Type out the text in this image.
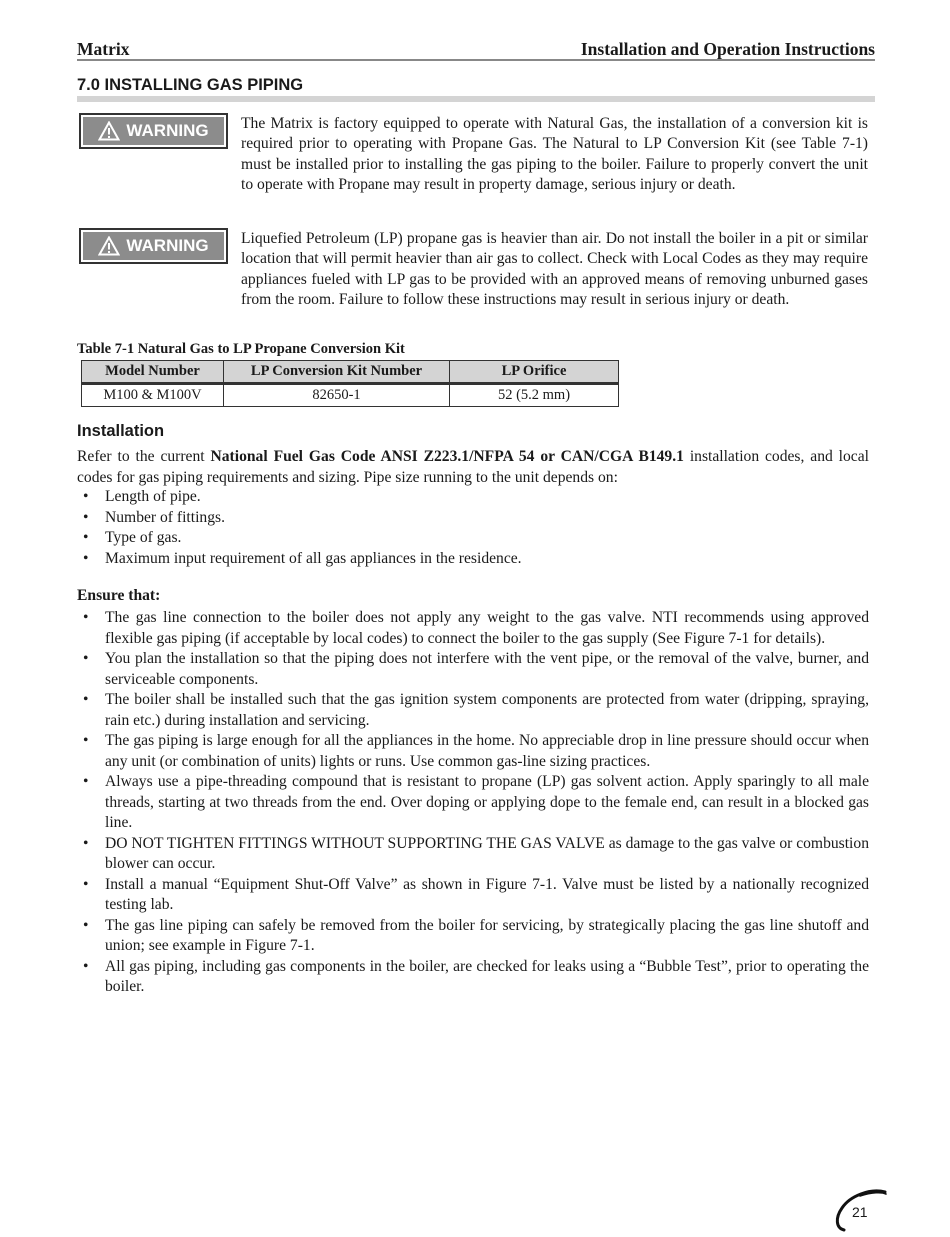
Matrix	Installation and Operation Instructions
7.0 INSTALLING GAS PIPING
WARNING The Matrix is factory equipped to operate with Natural Gas, the installation of a conversion kit is required prior to operating with Propane Gas. The Natural to LP Conversion Kit (see Table 7-1) must be installed prior to installing the gas piping to the boiler. Failure to properly convert the unit to operate with Propane may result in property damage, serious injury or death.
WARNING Liquefied Petroleum (LP) propane gas is heavier than air. Do not install the boiler in a pit or similar location that will permit heavier than air gas to collect. Check with Local Codes as they may require appliances fueled with LP gas to be provided with an approved means of removing unburned gases from the room. Failure to follow these instructions may result in serious injury or death.
Table 7-1 Natural Gas to LP Propane Conversion Kit
Model Number	LP Conversion Kit Number	LP Orifice
M100 & M100V	82650-1	52 (5.2 mm)
Installation
Refer to the current National Fuel Gas Code ANSI Z223.1/NFPA 54 or CAN/CGA B149.1 installation codes, and local codes for gas piping requirements and sizing. Pipe size running to the unit depends on:
• Length of pipe.
• Number of fittings.
• Type of gas.
• Maximum input requirement of all gas appliances in the residence.
Ensure that:
• The gas line connection to the boiler does not apply any weight to the gas valve. NTI recommends using approved flexible gas piping (if acceptable by local codes) to connect the boiler to the gas supply (See Figure 7-1 for details).
• You plan the installation so that the piping does not interfere with the vent pipe, or the removal of the valve, burner, and serviceable components.
• The boiler shall be installed such that the gas ignition system components are protected from water (dripping, spraying, rain etc.) during installation and servicing.
• The gas piping is large enough for all the appliances in the home. No appreciable drop in line pressure should occur when any unit (or combination of units) lights or runs. Use common gas-line sizing practices.
• Always use a pipe-threading compound that is resistant to propane (LP) gas solvent action. Apply sparingly to all male threads, starting at two threads from the end. Over doping or applying dope to the female end, can result in a blocked gas line.
• DO NOT TIGHTEN FITTINGS WITHOUT SUPPORTING THE GAS VALVE as damage to the gas valve or combustion blower can occur.
• Install a manual “Equipment Shut-Off Valve” as shown in Figure 7-1. Valve must be listed by a nationally recognized testing lab.
• The gas line piping can safely be removed from the boiler for servicing, by strategically placing the gas line shutoff and union; see example in Figure 7-1.
• All gas piping, including gas components in the boiler, are checked for leaks using a “Bubble Test”, prior to operating the boiler.
21
